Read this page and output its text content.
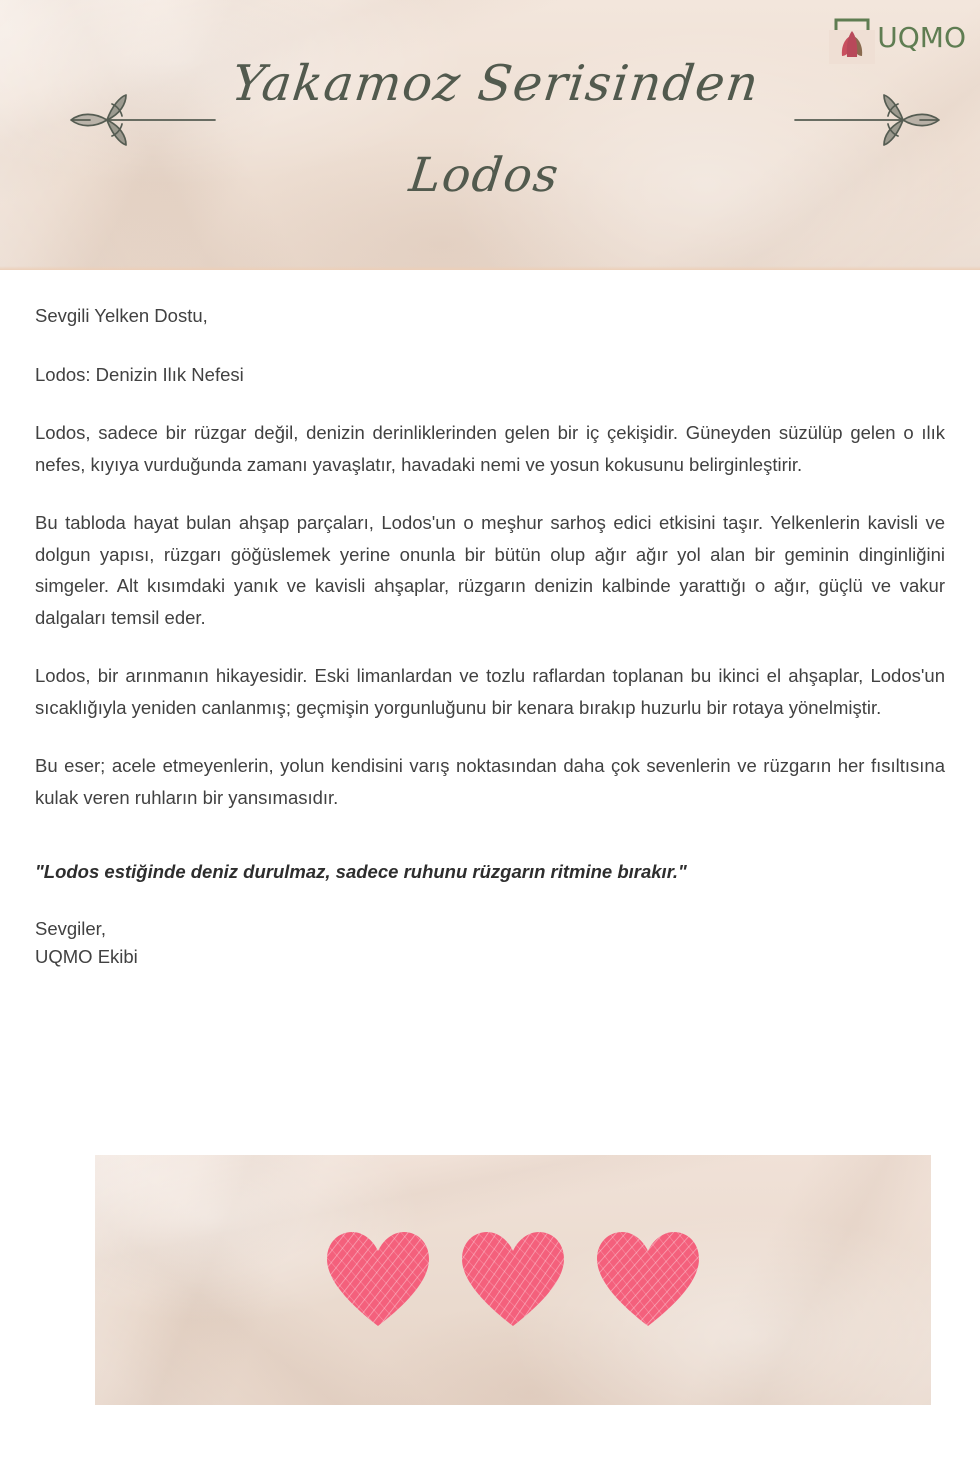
Yakamoz Serisinden
Lodos
UQMO

Sevgili Yelken Dostu,

Lodos: Denizin Ilık Nefesi

Lodos, sadece bir rüzgar değil, denizin derinliklerinden gelen bir iç çekişidir. Güneyden süzülüp gelen o ılık nefes, kıyıya vurduğunda zamanı yavaşlatır, havadaki nemi ve yosun kokusunu belirginleştirir.

Bu tabloda hayat bulan ahşap parçaları, Lodos'un o meşhur sarhoş edici etkisini taşır. Yelkenlerin kavisli ve dolgun yapısı, rüzgarı göğüslemek yerine onunla bir bütün olup ağır ağır yol alan bir geminin dinginliğini simgeler. Alt kısımdaki yanık ve kavisli ahşaplar, rüzgarın denizin kalbinde yarattığı o ağır, güçlü ve vakur dalgaları temsil eder.

Lodos, bir arınmanın hikayesidir. Eski limanlardan ve tozlu raflardan toplanan bu ikinci el ahşaplar, Lodos'un sıcaklığıyla yeniden canlanmış; geçmişin yorgunluğunu bir kenara bırakıp huzurlu bir rotaya yönelmiştir.

Bu eser; acele etmeyenlerin, yolun kendisini varış noktasından daha çok sevenlerin ve rüzgarın her fısıltısına kulak veren ruhların bir yansımasıdır.

"Lodos estiğinde deniz durulmaz, sadece ruhunu rüzgarın ritmine bırakır."

Sevgiler,
UQMO Ekibi
